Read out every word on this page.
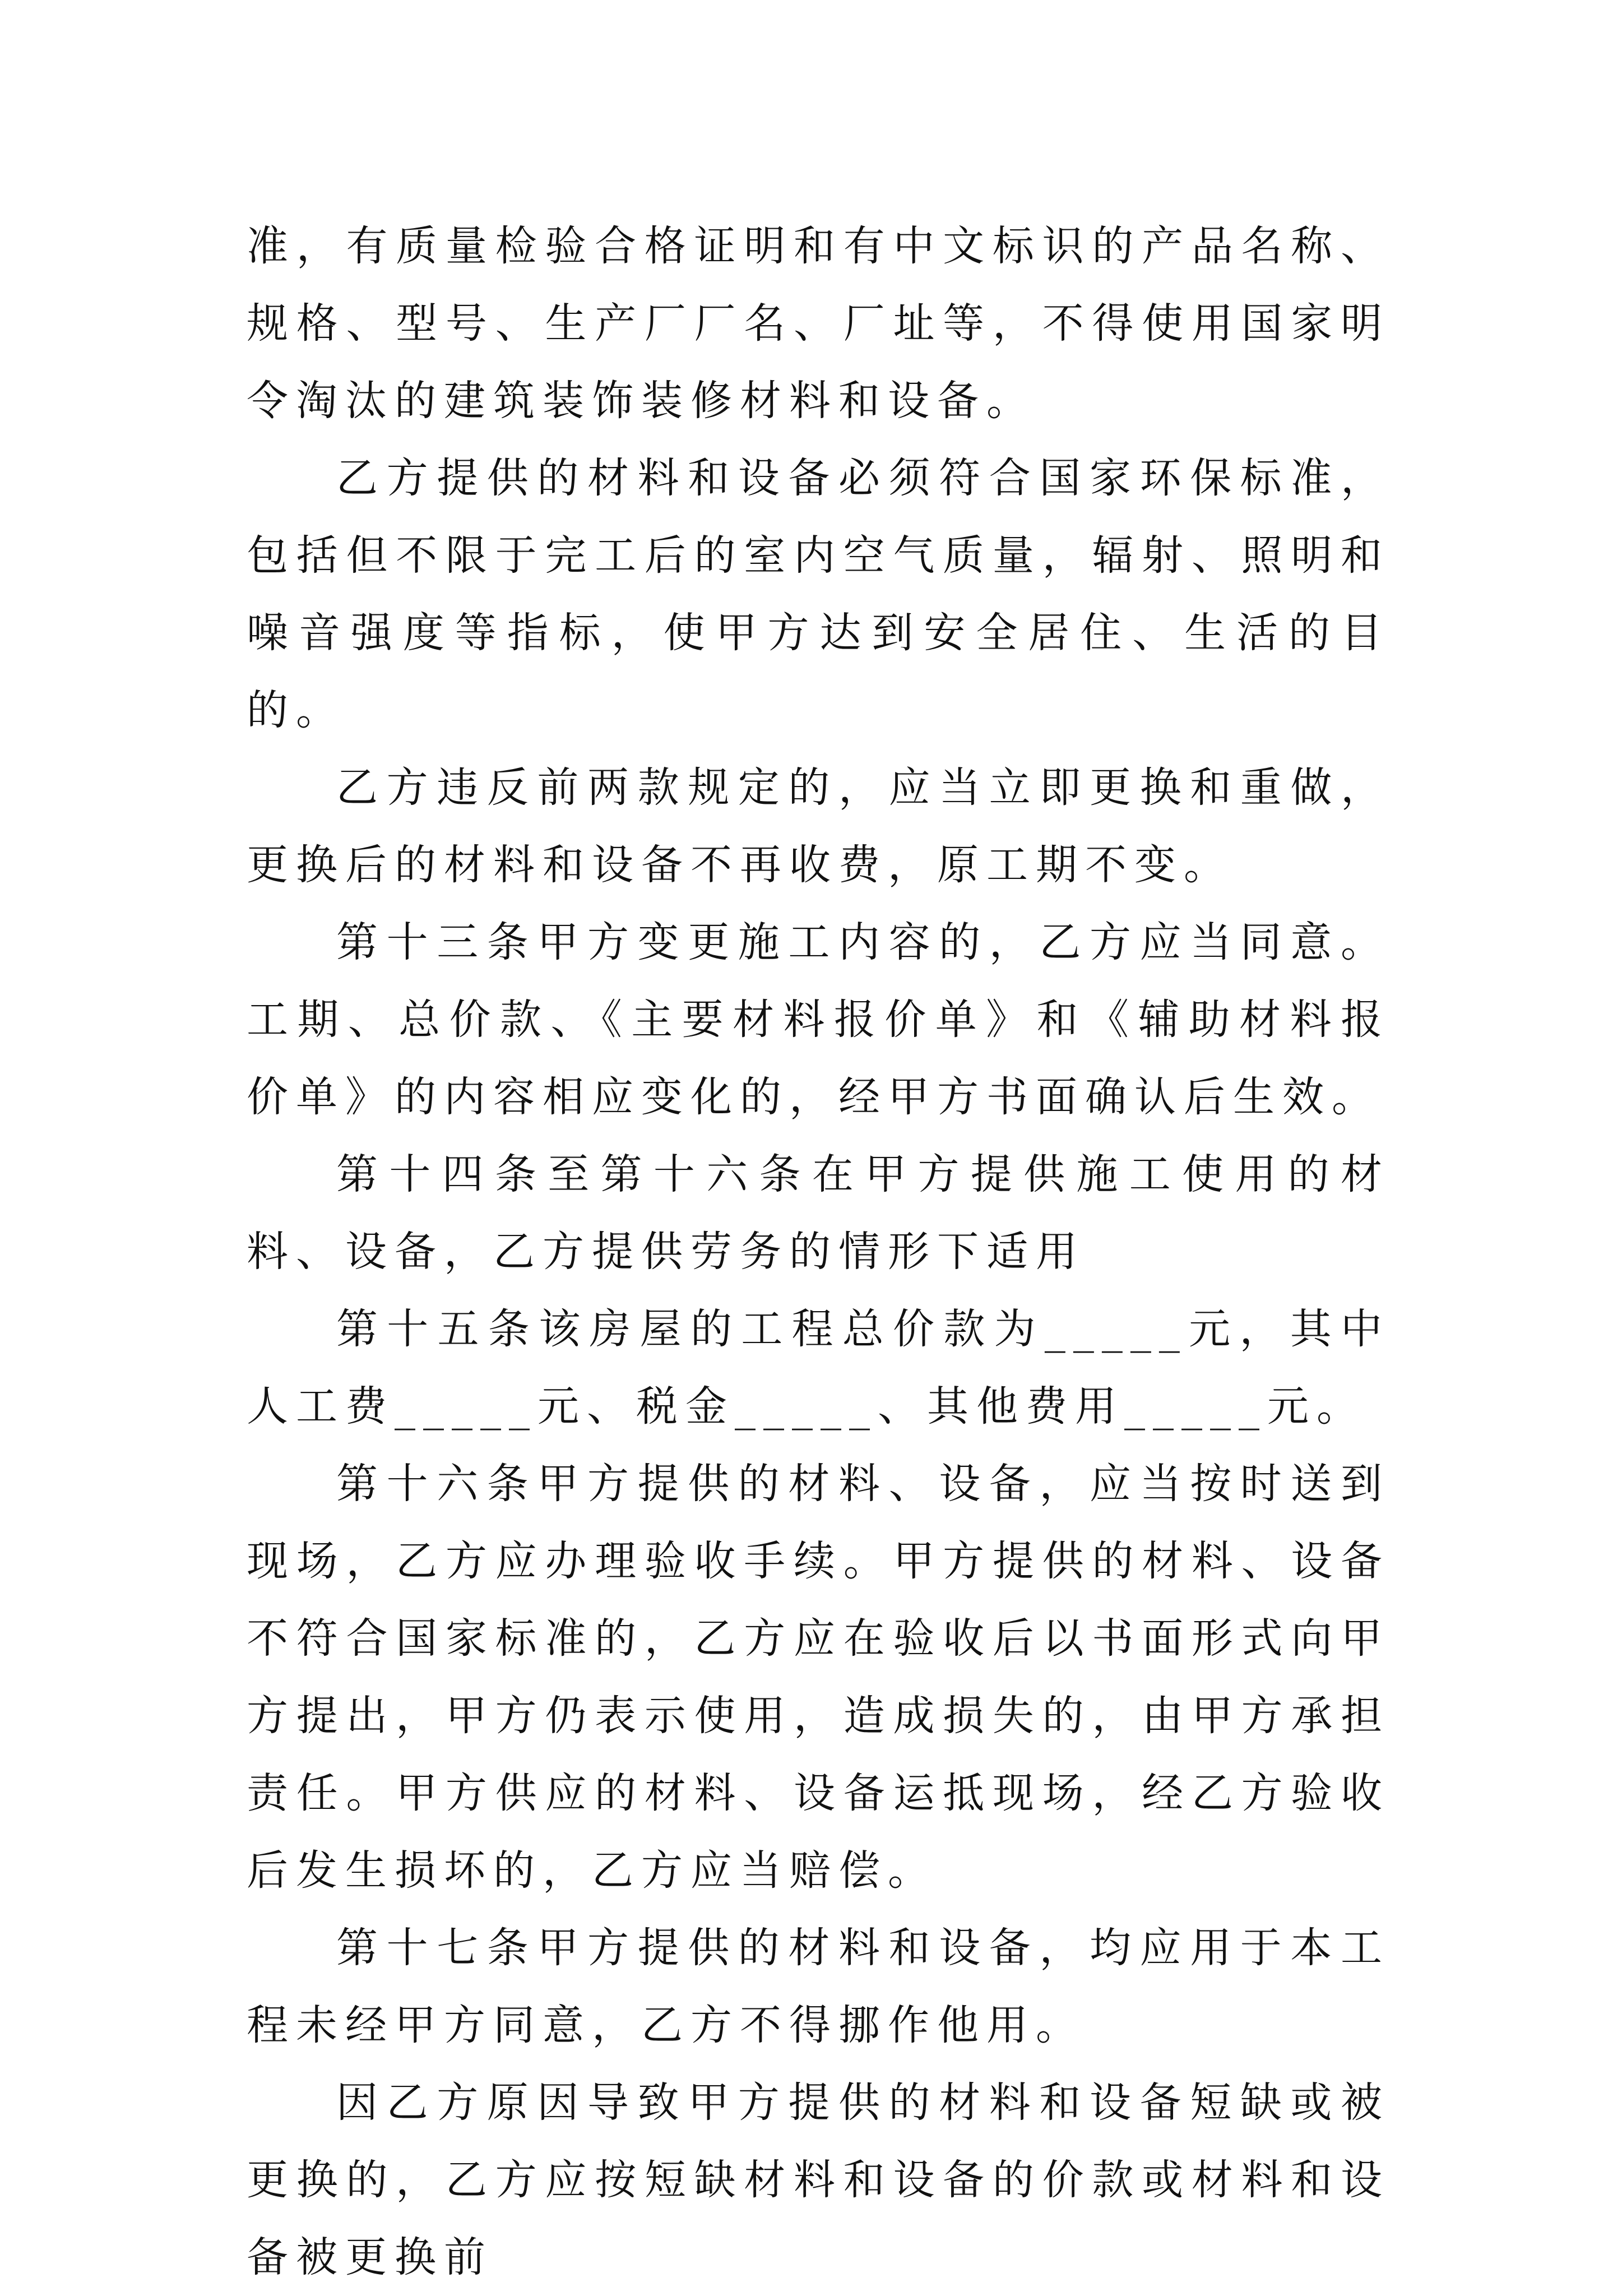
准，有质量检验合格证明和有中文标识的产品名称、规格、型号、生产厂厂名、厂址等，不得使用国家明令淘汰的建筑装饰装修材料和设备。

乙方提供的材料和设备必须符合国家环保标准，包括但不限于完工后的室内空气质量，辐射、照明和噪音强度等指标，使甲方达到安全居住、生活的目的。

乙方违反前两款规定的，应当立即更换和重做，更换后的材料和设备不再收费，原工期不变。

第十三条甲方变更施工内容的，乙方应当同意。工期、总价款、《主要材料报价单》和《辅助材料报价单》的内容相应变化的，经甲方书面确认后生效。

第十四条至第十六条在甲方提供施工使用的材料、设备，乙方提供劳务的情形下适用

第十五条该房屋的工程总价款为_____元，其中人工费_____元、税金_____、其他费用_____元。

第十六条甲方提供的材料、设备，应当按时送到现场，乙方应办理验收手续。甲方提供的材料、设备不符合国家标准的，乙方应在验收后以书面形式向甲方提出，甲方仍表示使用，造成损失的，由甲方承担责任。甲方供应的材料、设备运抵现场，经乙方验收后发生损坏的，乙方应当赔偿。

第十七条甲方提供的材料和设备，均应用于本工程未经甲方同意，乙方不得挪作他用。

因乙方原因导致甲方提供的材料和设备短缺或被更换的，乙方应按短缺材料和设备的价款或材料和设备被更换前
